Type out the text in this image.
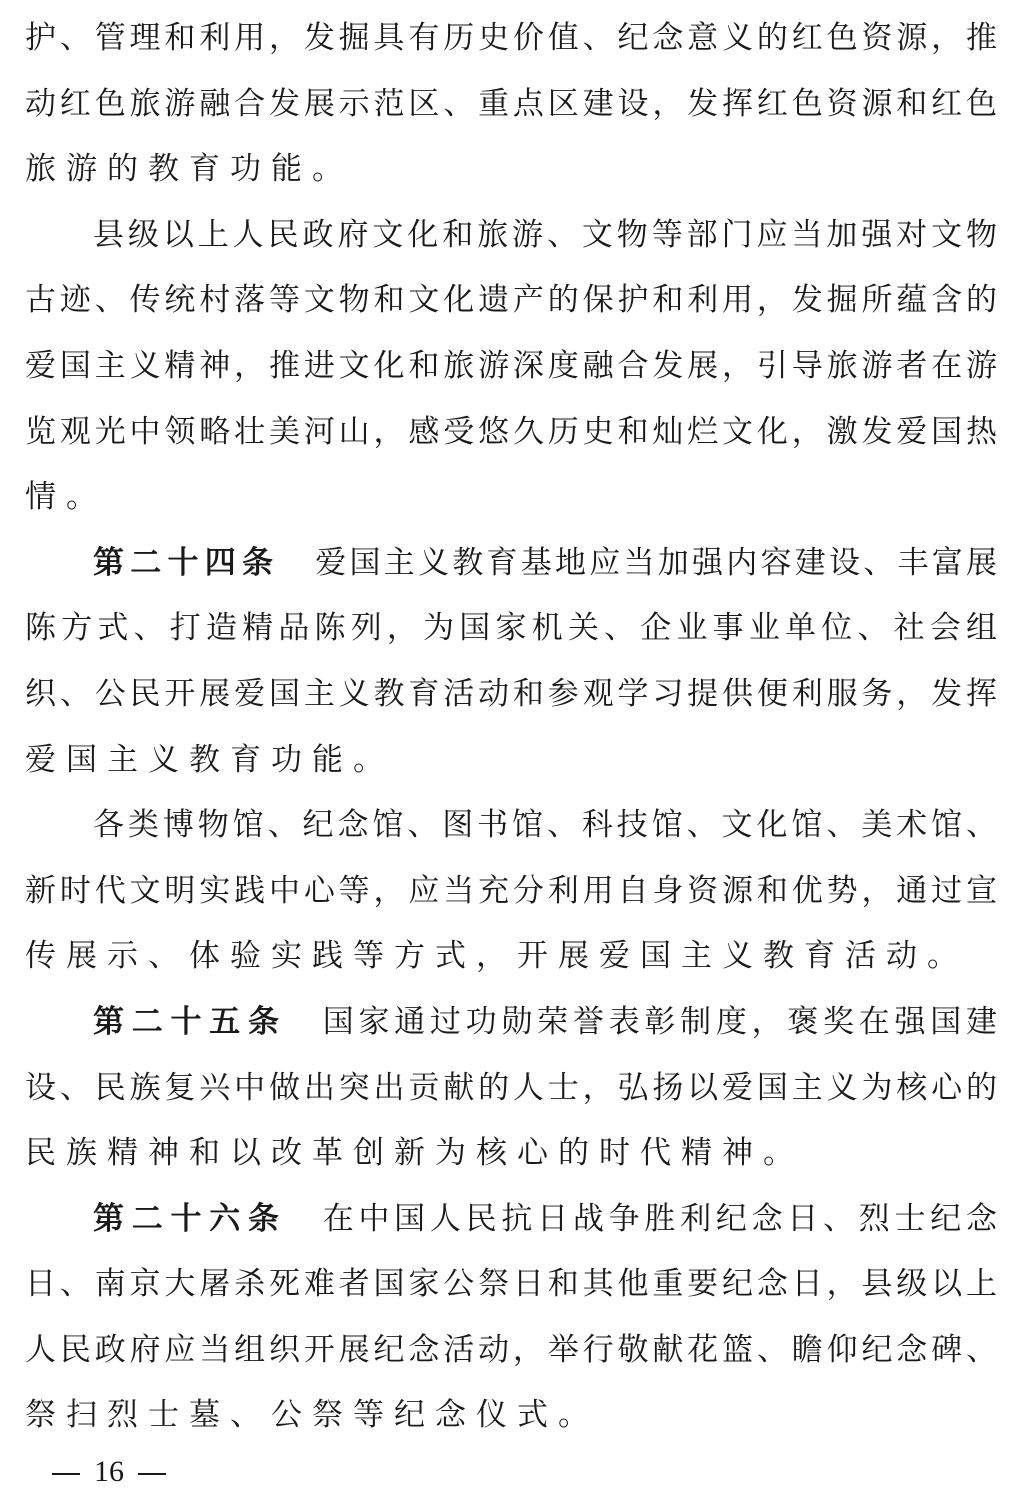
护、管理和利用，发掘具有历史价值、纪念意义的红色资源，推
动红色旅游融合发展示范区、重点区建设，发挥红色资源和红色
旅游的教育功能。
县级以上人民政府文化和旅游、文物等部门应当加强对文物
古迹、传统村落等文物和文化遗产的保护和利用，发掘所蕴含的
爱国主义精神，推进文化和旅游深度融合发展，引导旅游者在游
览观光中领略壮美河山，感受悠久历史和灿烂文化，激发爱国热
情。
第二十四条 爱国主义教育基地应当加强内容建设、丰富展
陈方式、打造精品陈列，为国家机关、企业事业单位、社会组
织、公民开展爱国主义教育活动和参观学习提供便利服务，发挥
爱国主义教育功能。
各类博物馆、纪念馆、图书馆、科技馆、文化馆、美术馆、
新时代文明实践中心等，应当充分利用自身资源和优势，通过宣
传展示、体验实践等方式，开展爱国主义教育活动。
第二十五条 国家通过功勋荣誉表彰制度，褒奖在强国建
设、民族复兴中做出突出贡献的人士，弘扬以爱国主义为核心的
民族精神和以改革创新为核心的时代精神。
第二十六条 在中国人民抗日战争胜利纪念日、烈士纪念
日、南京大屠杀死难者国家公祭日和其他重要纪念日，县级以上
人民政府应当组织开展纪念活动，举行敬献花篮、瞻仰纪念碑、
祭扫烈士墓、公祭等纪念仪式。
16
